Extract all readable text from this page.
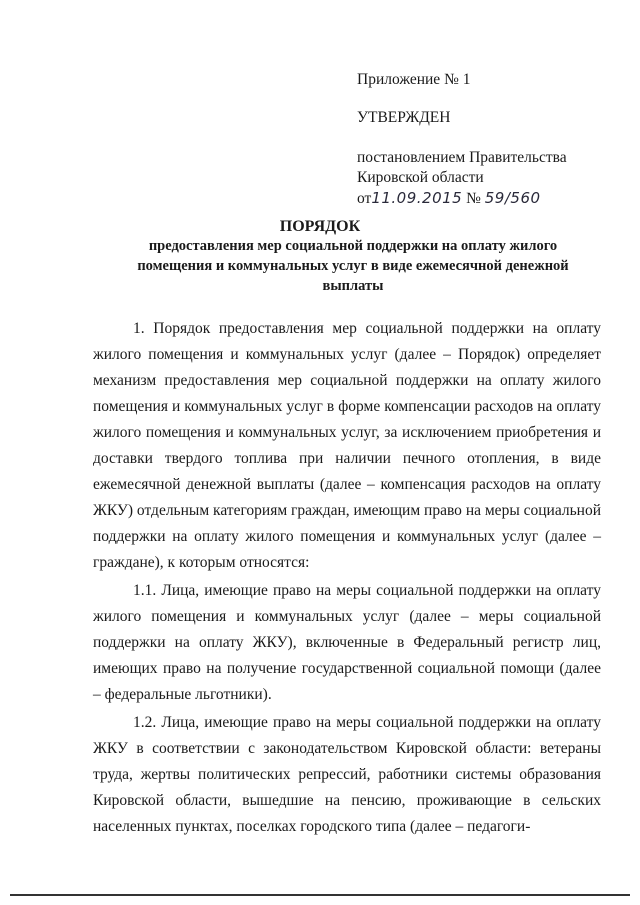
Приложение № 1
УТВЕРЖДЕН
постановлением Правительства
Кировской области
от11.09.2015 № 59/560
ПОРЯДОК
предоставления мер социальной поддержки на оплату жилого помещения и коммунальных услуг в виде ежемесячной денежной выплаты

1. Порядок предоставления мер социальной поддержки на оплату жилого помещения и коммунальных услуг (далее – Порядок) определяет механизм предоставления мер социальной поддержки на оплату жилого помещения и коммунальных услуг в форме компенсации расходов на оплату жилого помещения и коммунальных услуг, за исключением приобретения и доставки твердого топлива при наличии печного отопления, в виде ежемесячной денежной выплаты (далее – компенсация расходов на оплату ЖКУ) отдельным категориям граждан, имеющим право на меры социальной поддержки на оплату жилого помещения и коммунальных услуг (далее – граждане), к которым относятся:

1.1. Лица, имеющие право на меры социальной поддержки на оплату жилого помещения и коммунальных услуг (далее – меры социальной поддержки на оплату ЖКУ), включенные в Федеральный регистр лиц, имеющих право на получение государственной социальной помощи (далее – федеральные льготники).

1.2. Лица, имеющие право на меры социальной поддержки на оплату ЖКУ в соответствии с законодательством Кировской области: ветераны труда, жертвы политических репрессий, работники системы образования Кировской области, вышедшие на пенсию, проживающие в сельских населенных пунктах, поселках городского типа (далее – педагоги-
